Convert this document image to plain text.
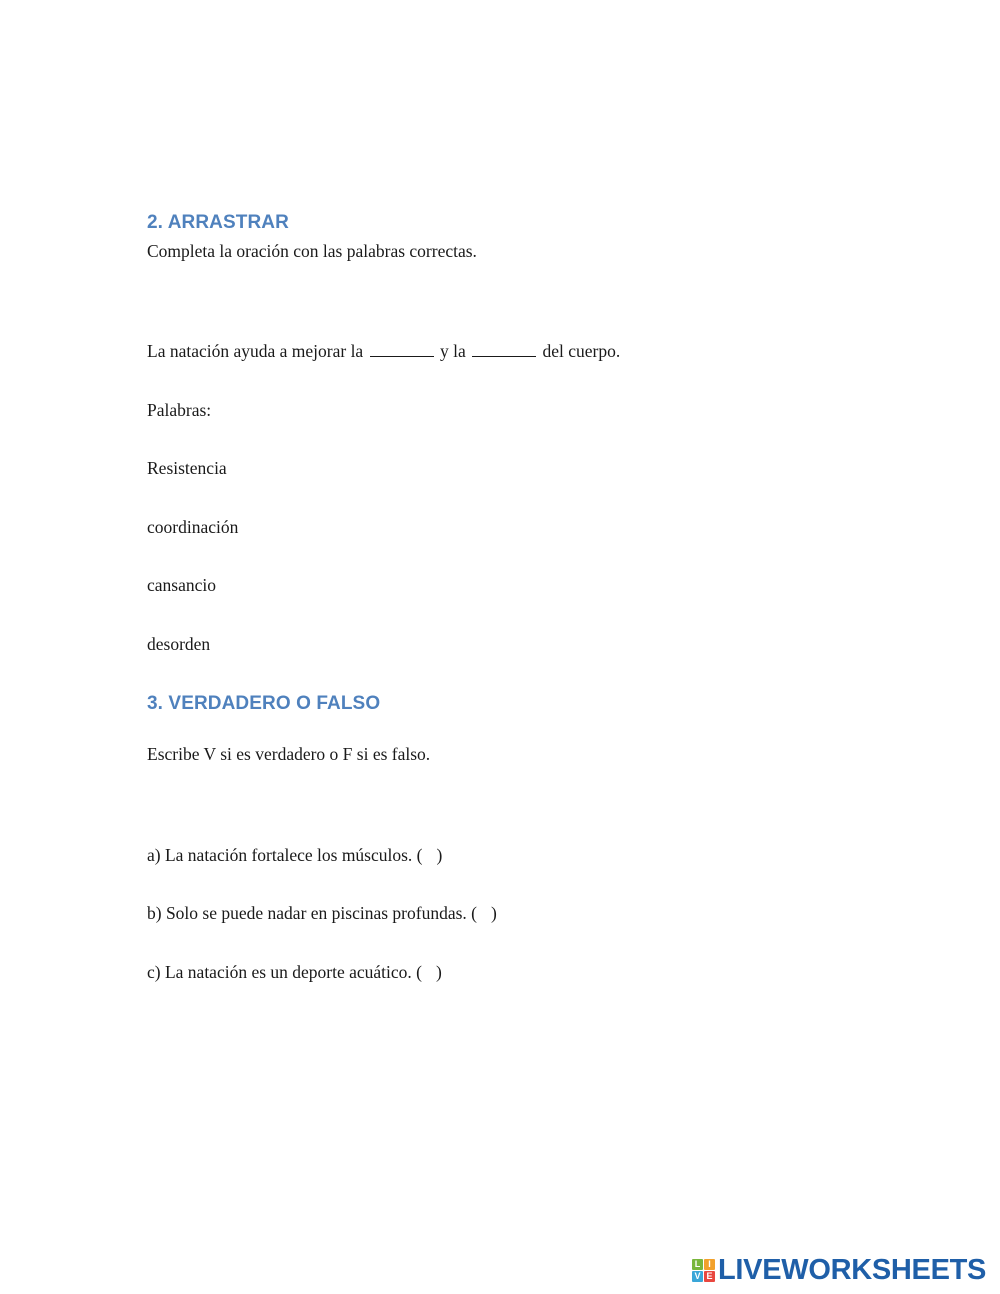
2. ARRASTRAR
Completa la oración con las palabras correctas.
La natación ayuda a mejorar la	y la	del cuerpo.
Palabras:
Resistencia
coordinación
cansancio
desorden
3. VERDADERO O FALSO
Escribe V si es verdadero o F si es falso.
a) La natación fortalece los músculos. ( )
b) Solo se puede nadar en piscinas profundas. ( )
c) La natación es un deporte acuático. ( )
L I
V E LIVEWORKSHEETS
